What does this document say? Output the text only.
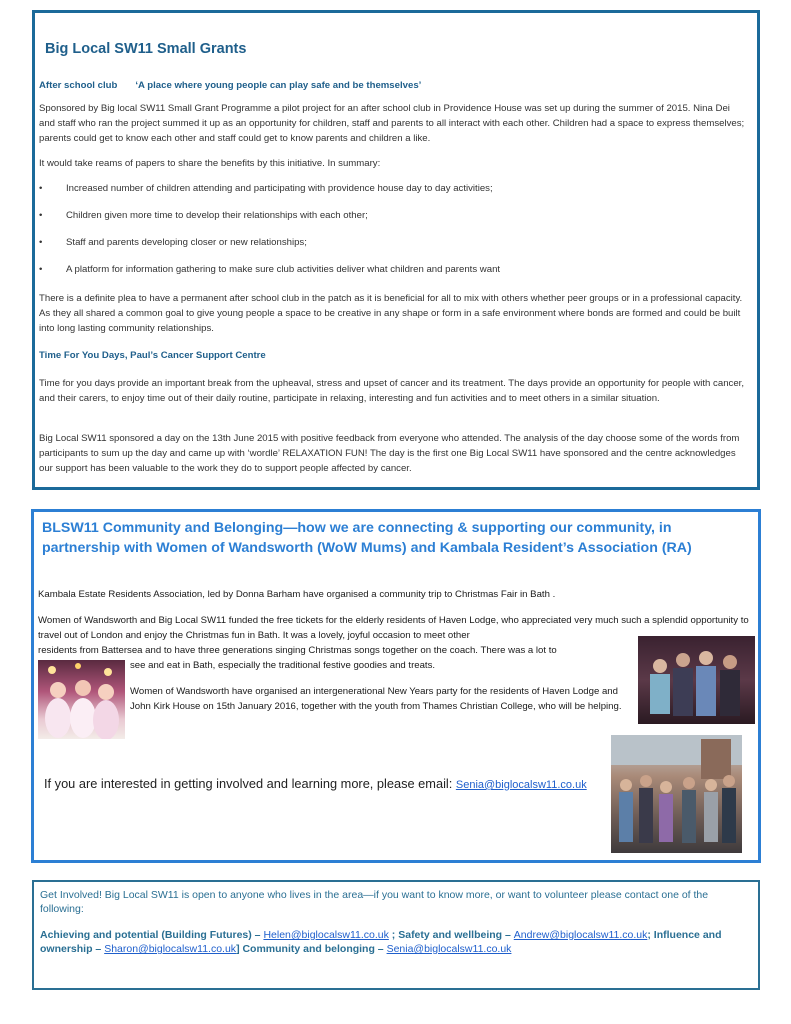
Big Local SW11 Small Grants
After school club ‘A place where young people can play safe and be themselves’
Sponsored by Big local SW11 Small Grant Programme a pilot project for an after school club in Providence House was set up during the summer of 2015. Nina Dei and staff who ran the project summed it up as an opportunity for children, staff and parents to all interact with each other. Children had a space to express themselves; parents could get to know each other and staff could get to know parents and children a like.
It would take reams of papers to share the benefits by this initiative. In summary:
• Increased number of children attending and participating with providence house day to day activities;
• Children given more time to develop their relationships with each other;
• Staff and parents developing closer or new relationships;
• A platform for information gathering to make sure club activities deliver what children and parents want
There is a definite plea to have a permanent after school club in the patch as it is beneficial for all to mix with others whether peer groups or in a professional capacity. As they all shared a common goal to give young people a space to be creative in any shape or form in a safe environment where bonds are formed and could be built into long lasting community relationships.
Time For You Days, Paul’s Cancer Support Centre
Time for you days provide an important break from the upheaval, stress and upset of cancer and its treatment. The days provide an opportunity for people with cancer, and their carers, to enjoy time out of their daily routine, participate in relaxing, interesting and fun activities and to meet others in a similar situation.
Big Local SW11 sponsored a day on the 13th June 2015 with positive feedback from everyone who attended. The analysis of the day choose some of the words from participants to sum up the day and came up with ‘wordle’ RELAXATION FUN! The day is the first one Big Local SW11 have sponsored and the centre acknowledges our support has been valuable to the work they do to support people affected by cancer.
BLSW11 Community and Belonging—how we are connecting & supporting our community, in partnership with Women of Wandsworth (WoW Mums) and Kambala Resident’s Association (RA)
Kambala Estate Residents Association, led by Donna Barham have organised a community trip to Christmas Fair in Bath .
Women of Wandsworth and Big Local SW11 funded the free tickets for the elderly residents of Haven Lodge, who appreciated very much such a splendid opportunity to travel out of London and enjoy the Christmas fun in Bath. It was a lovely, joyful occasion to meet other
residents from Battersea and to have three generations singing Christmas songs together on the coach. There was a lot to
see and eat in Bath, especially the traditional festive goodies and treats.
Women of Wandsworth have organised an intergenerational New Years party for the residents of Haven Lodge and John Kirk House on 15th January 2016, together with the youth from Thames Christian College, who will be helping.
If you are interested in getting involved and learning more, please email: Senia@biglocalsw11.co.uk
Get Involved! Big Local SW11 is open to anyone who lives in the area—if you want to know more, or want to volunteer please contact one of the following:
Achieving and potential (Building Futures) – Helen@biglocalsw11.co.uk ; Safety and wellbeing – Andrew@biglocalsw11.co.uk; Influence and ownership – Sharon@biglocalsw11.co.uk] Community and belonging – Senia@biglocalsw11.co.uk
